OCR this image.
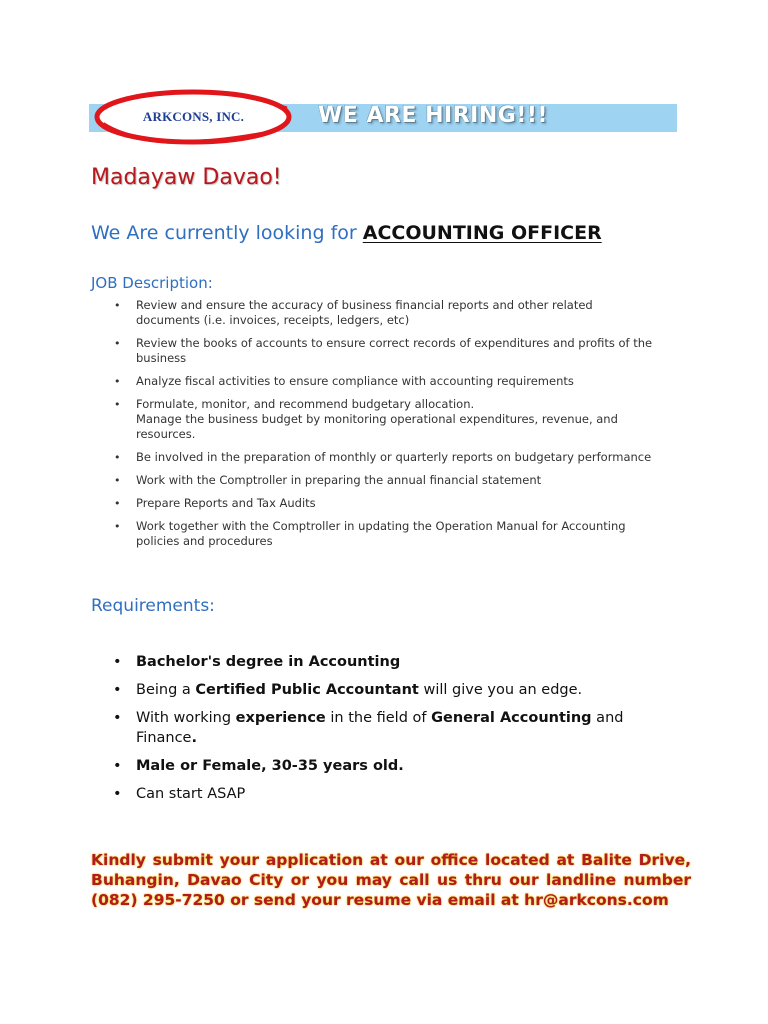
ARKCONS, INC.	WE ARE HIRING!!!
Madayaw Davao!
We Are currently looking for ACCOUNTING OFFICER
JOB Description:
• Review and ensure the accuracy of business financial reports and other related documents (i.e. invoices, receipts, ledgers, etc)
• Review the books of accounts to ensure correct records of expenditures and profits of the business
• Analyze fiscal activities to ensure compliance with accounting requirements
• Formulate, monitor, and recommend budgetary allocation.
Manage the business budget by monitoring operational expenditures, revenue, and resources.
• Be involved in the preparation of monthly or quarterly reports on budgetary performance
• Work with the Comptroller in preparing the annual financial statement
• Prepare Reports and Tax Audits
• Work together with the Comptroller in updating the Operation Manual for Accounting policies and procedures
Requirements:
• Bachelor's degree in Accounting
• Being a Certified Public Accountant will give you an edge.
• With working experience in the field of General Accounting and Finance.
• Male or Female, 30-35 years old.
• Can start ASAP
Kindly submit your application at our office located at Balite Drive, Buhangin, Davao City or you may call us thru our landline number (082) 295-7250 or send your resume via email at hr@arkcons.com
